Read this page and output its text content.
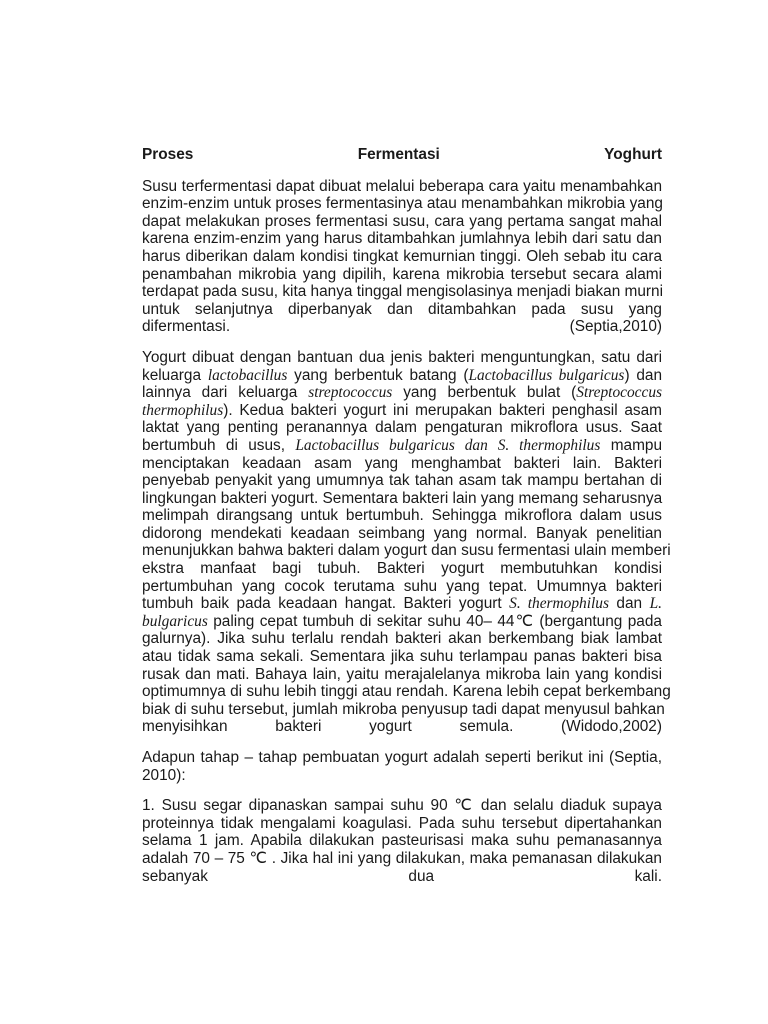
Proses	Fermentasi	Yoghurt
Susu terfermentasi dapat dibuat melalui beberapa cara yaitu menambahkan
enzim-enzim untuk proses fermentasinya atau menambahkan mikrobia yang
dapat melakukan proses fermentasi susu, cara yang pertama sangat mahal
karena enzim-enzim yang harus ditambahkan jumlahnya lebih dari satu dan
harus diberikan dalam kondisi tingkat kemurnian tinggi. Oleh sebab itu cara
penambahan mikrobia yang dipilih, karena mikrobia tersebut secara alami
terdapat pada susu, kita hanya tinggal mengisolasinya menjadi biakan murni
untuk selanjutnya diperbanyak dan ditambahkan pada susu yang
difermentasi.	(Septia,2010)
Yogurt dibuat dengan bantuan dua jenis bakteri menguntungkan, satu dari
keluarga lactobacillus yang berbentuk batang (Lactobacillus bulgaricus) dan
lainnya dari keluarga streptococcus yang berbentuk bulat (Streptococcus
thermophilus). Kedua bakteri yogurt ini merupakan bakteri penghasil asam
laktat yang penting peranannya dalam pengaturan mikroflora usus. Saat
bertumbuh di usus, Lactobacillus bulgaricus dan S. thermophilus mampu
menciptakan keadaan asam yang menghambat bakteri lain. Bakteri
penyebab penyakit yang umumnya tak tahan asam tak mampu bertahan di
lingkungan bakteri yogurt. Sementara bakteri lain yang memang seharusnya
melimpah dirangsang untuk bertumbuh. Sehingga mikroflora dalam usus
didorong mendekati keadaan seimbang yang normal. Banyak penelitian
menunjukkan bahwa bakteri dalam yogurt dan susu fermentasi ulain memberi
ekstra manfaat bagi tubuh. Bakteri yogurt membutuhkan kondisi
pertumbuhan yang cocok terutama suhu yang tepat. Umumnya bakteri
tumbuh baik pada keadaan hangat. Bakteri yogurt S. thermophilus dan L.
bulgaricus paling cepat tumbuh di sekitar suhu 40– 44℃ (bergantung pada
galurnya). Jika suhu terlalu rendah bakteri akan berkembang biak lambat
atau tidak sama sekali. Sementara jika suhu terlampau panas bakteri bisa
rusak dan mati. Bahaya lain, yaitu merajalelanya mikroba lain yang kondisi
optimumnya di suhu lebih tinggi atau rendah. Karena lebih cepat berkembang
biak di suhu tersebut, jumlah mikroba penyusup tadi dapat menyusul bahkan
menyisihkan	bakteri	yogurt	semula.	(Widodo,2002)
Adapun tahap – tahap pembuatan yogurt adalah seperti berikut ini (Septia,
2010):
1. Susu segar dipanaskan sampai suhu 90 ℃ dan selalu diaduk supaya
proteinnya tidak mengalami koagulasi. Pada suhu tersebut dipertahankan
selama 1 jam. Apabila dilakukan pasteurisasi maka suhu pemanasannya
adalah 70 – 75 ℃ . Jika hal ini yang dilakukan, maka pemanasan dilakukan
sebanyak	dua	kali.
